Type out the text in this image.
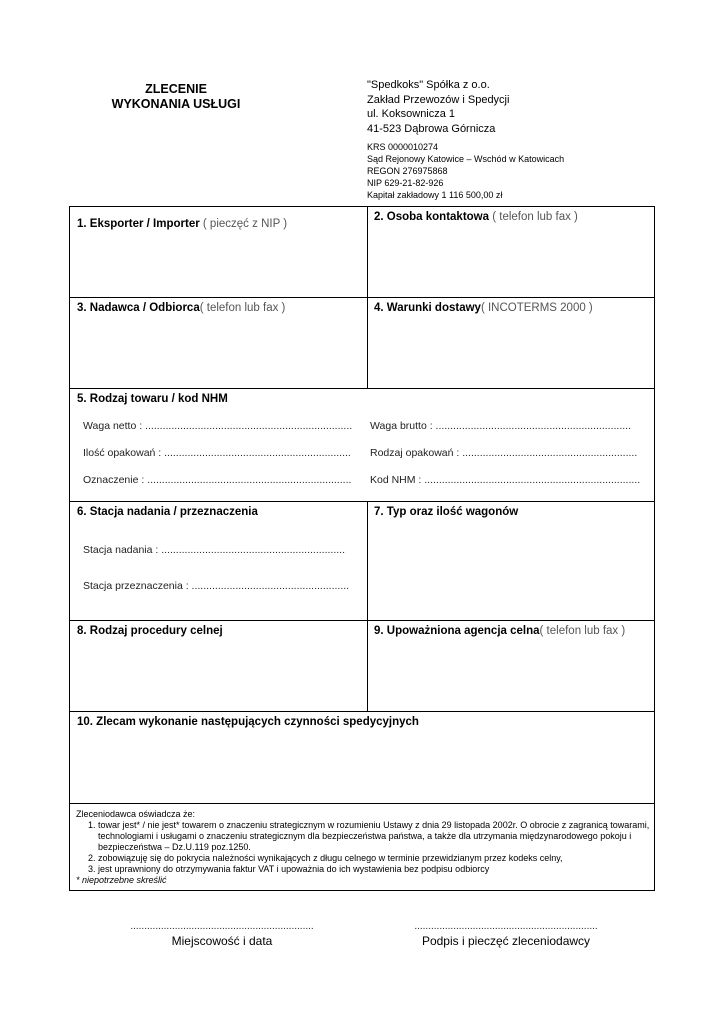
ZLECENIE
WYKONANIA USŁUGI
"Spedkoks" Spółka z o.o.
Zakład Przewozów i Spedycji
ul. Koksownicza 1
41-523 Dąbrowa Górnicza
KRS 0000010274
Sąd Rejonowy Katowice – Wschód w Katowicach
REGON 276975868
NIP 629-21-82-926
Kapitał zakładowy 1 116 500,00 zł
1. Eksporter / Importer ( pieczęć z NIP )
2. Osoba kontaktowa ( telefon lub fax )
3. Nadawca / Odbiorca( telefon lub fax )	4. Warunki dostawy( INCOTERMS 2000 )
5. Rodzaj towaru / kod NHM
Waga netto : ....................................................................... Waga brutto : ...................................................................
Ilość opakowań : ................................................................ Rodzaj opakowań : ............................................................
Oznaczenie : ...................................................................... Kod NHM : ..........................................................................
6. Stacja nadania / przeznaczenia
Stacja nadania : ...............................................................
Stacja przeznaczenia : ......................................................
7. Typ oraz ilość wagonów
8. Rodzaj procedury celnej	9. Upoważniona agencja celna( telefon lub fax )
10. Zlecam wykonanie następujących czynności spedycyjnych
Zleceniodawca oświadcza że:
1. towar jest* / nie jest* towarem o znaczeniu strategicznym w rozumieniu Ustawy z dnia 29 listopada 2002r. O obrocie z zagranicą towarami, technologiami i usługami o znaczeniu strategicznym dla bezpieczeństwa państwa, a także dla utrzymania międzynarodowego pokoju i bezpieczeństwa – Dz.U.119 poz.1250.
2. zobowiązuję się do pokrycia należności wynikających z długu celnego w terminie przewidzianym przez kodeks celny,
3. jest uprawniony do otrzymywania faktur VAT i upoważnia do ich wystawienia bez podpisu odbiorcy
* niepotrzebne skreślić
..................................................................
Miejscowość i data
..................................................................
Podpis i pieczęć zleceniodawcy
